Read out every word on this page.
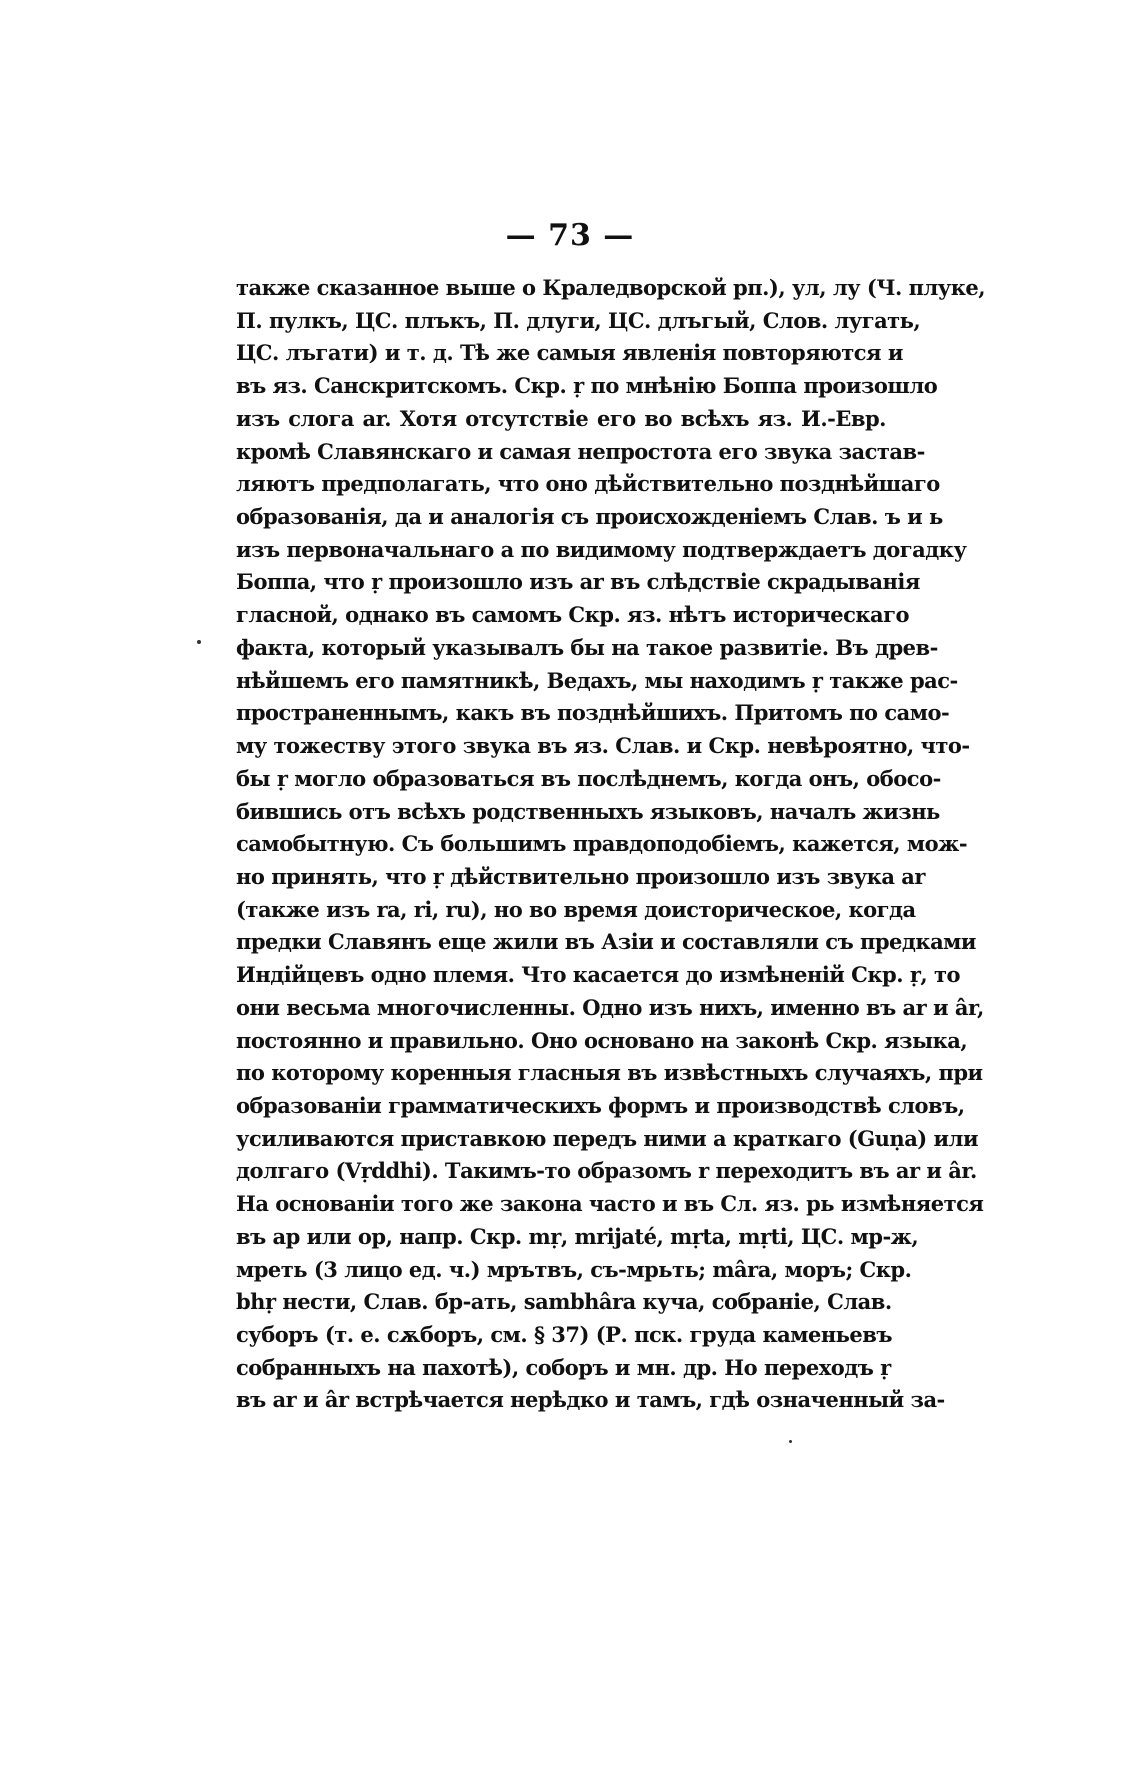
— 73 —
также сказанное выше о Краледворской рп.), ул, лу (Ч. плуке,
П. пулкъ, ЦС. плъкъ, П. длуги, ЦС. длъгый, Слов. лугать,
ЦС. лъгати) и т. д. Тѣ же самыя явленія повторяются и
въ яз. Санскритскомъ. Скр. ṛ по мнѣнію Боппа произошло
изъ слога ar. Хотя отсутствіе его во всѣхъ яз. И.-Евр.
кромѣ Славянскаго и самая непростота его звука застав-
ляютъ предполагать, что оно дѣйствительно позднѣйшаго
образованія, да и аналогія съ происхожденіемъ Слав. ъ и ь
изъ первоначальнаго a по видимому подтверждаетъ догадку
Боппа, что ṛ произошло изъ ar въ слѣдствіе скрадыванія
гласной, однако въ самомъ Скр. яз. нѣтъ историческаго
факта, который указывалъ бы на такое развитіе. Въ древ-
нѣйшемъ его памятникѣ, Ведахъ, мы находимъ ṛ также рас-
пространеннымъ, какъ въ позднѣйшихъ. Притомъ по само-
му тожеству этого звука въ яз. Слав. и Скр. невѣроятно, что-
бы ṛ могло образоваться въ послѣднемъ, когда онъ, обосо-
бившись отъ всѣхъ родственныхъ языковъ, началъ жизнь
самобытную. Съ большимъ правдоподобіемъ, кажется, мож-
но принять, что ṛ дѣйствительно произошло изъ звука ar
(также изъ ra, ri, ru), но во время доисторическое, когда
предки Славянъ еще жили въ Азіи и составляли съ предками
Индійцевъ одно племя. Что касается до измѣненій Скр. ṛ, то
они весьма многочисленны. Одно изъ нихъ, именно въ ar и âr,
постоянно и правильно. Оно основано на законѣ Скр. языка,
по которому коренныя гласныя въ извѣстныхъ случаяхъ, при
образованіи грамматическихъ формъ и производствѣ словъ,
усиливаются приставкою передъ ними a краткаго (Guṇa) или
долгаго (Vṛddhi). Такимъ-то образомъ r переходитъ въ ar и âr.
На основаніи того же закона часто и въ Сл. яз. рь измѣняется
въ ap или op, напр. Скр. mṛ, mrijaté, mṛta, mṛti, ЦС. мр-ж,
мреть (3 лицо ед. ч.) мрътвъ, съ-мрьть; mâra, моръ; Скр.
bhṛ нести, Слав. бр-ать, sambhâra куча, собраніе, Слав.
суборъ (т. е. сѫборъ, см. § 37) (Р. пск. груда каменьевъ
собранныхъ на пахотѣ), соборъ и мн. др. Но переходъ ṛ
въ ar и âr встрѣчается нерѣдко и тамъ, гдѣ означенный за-
